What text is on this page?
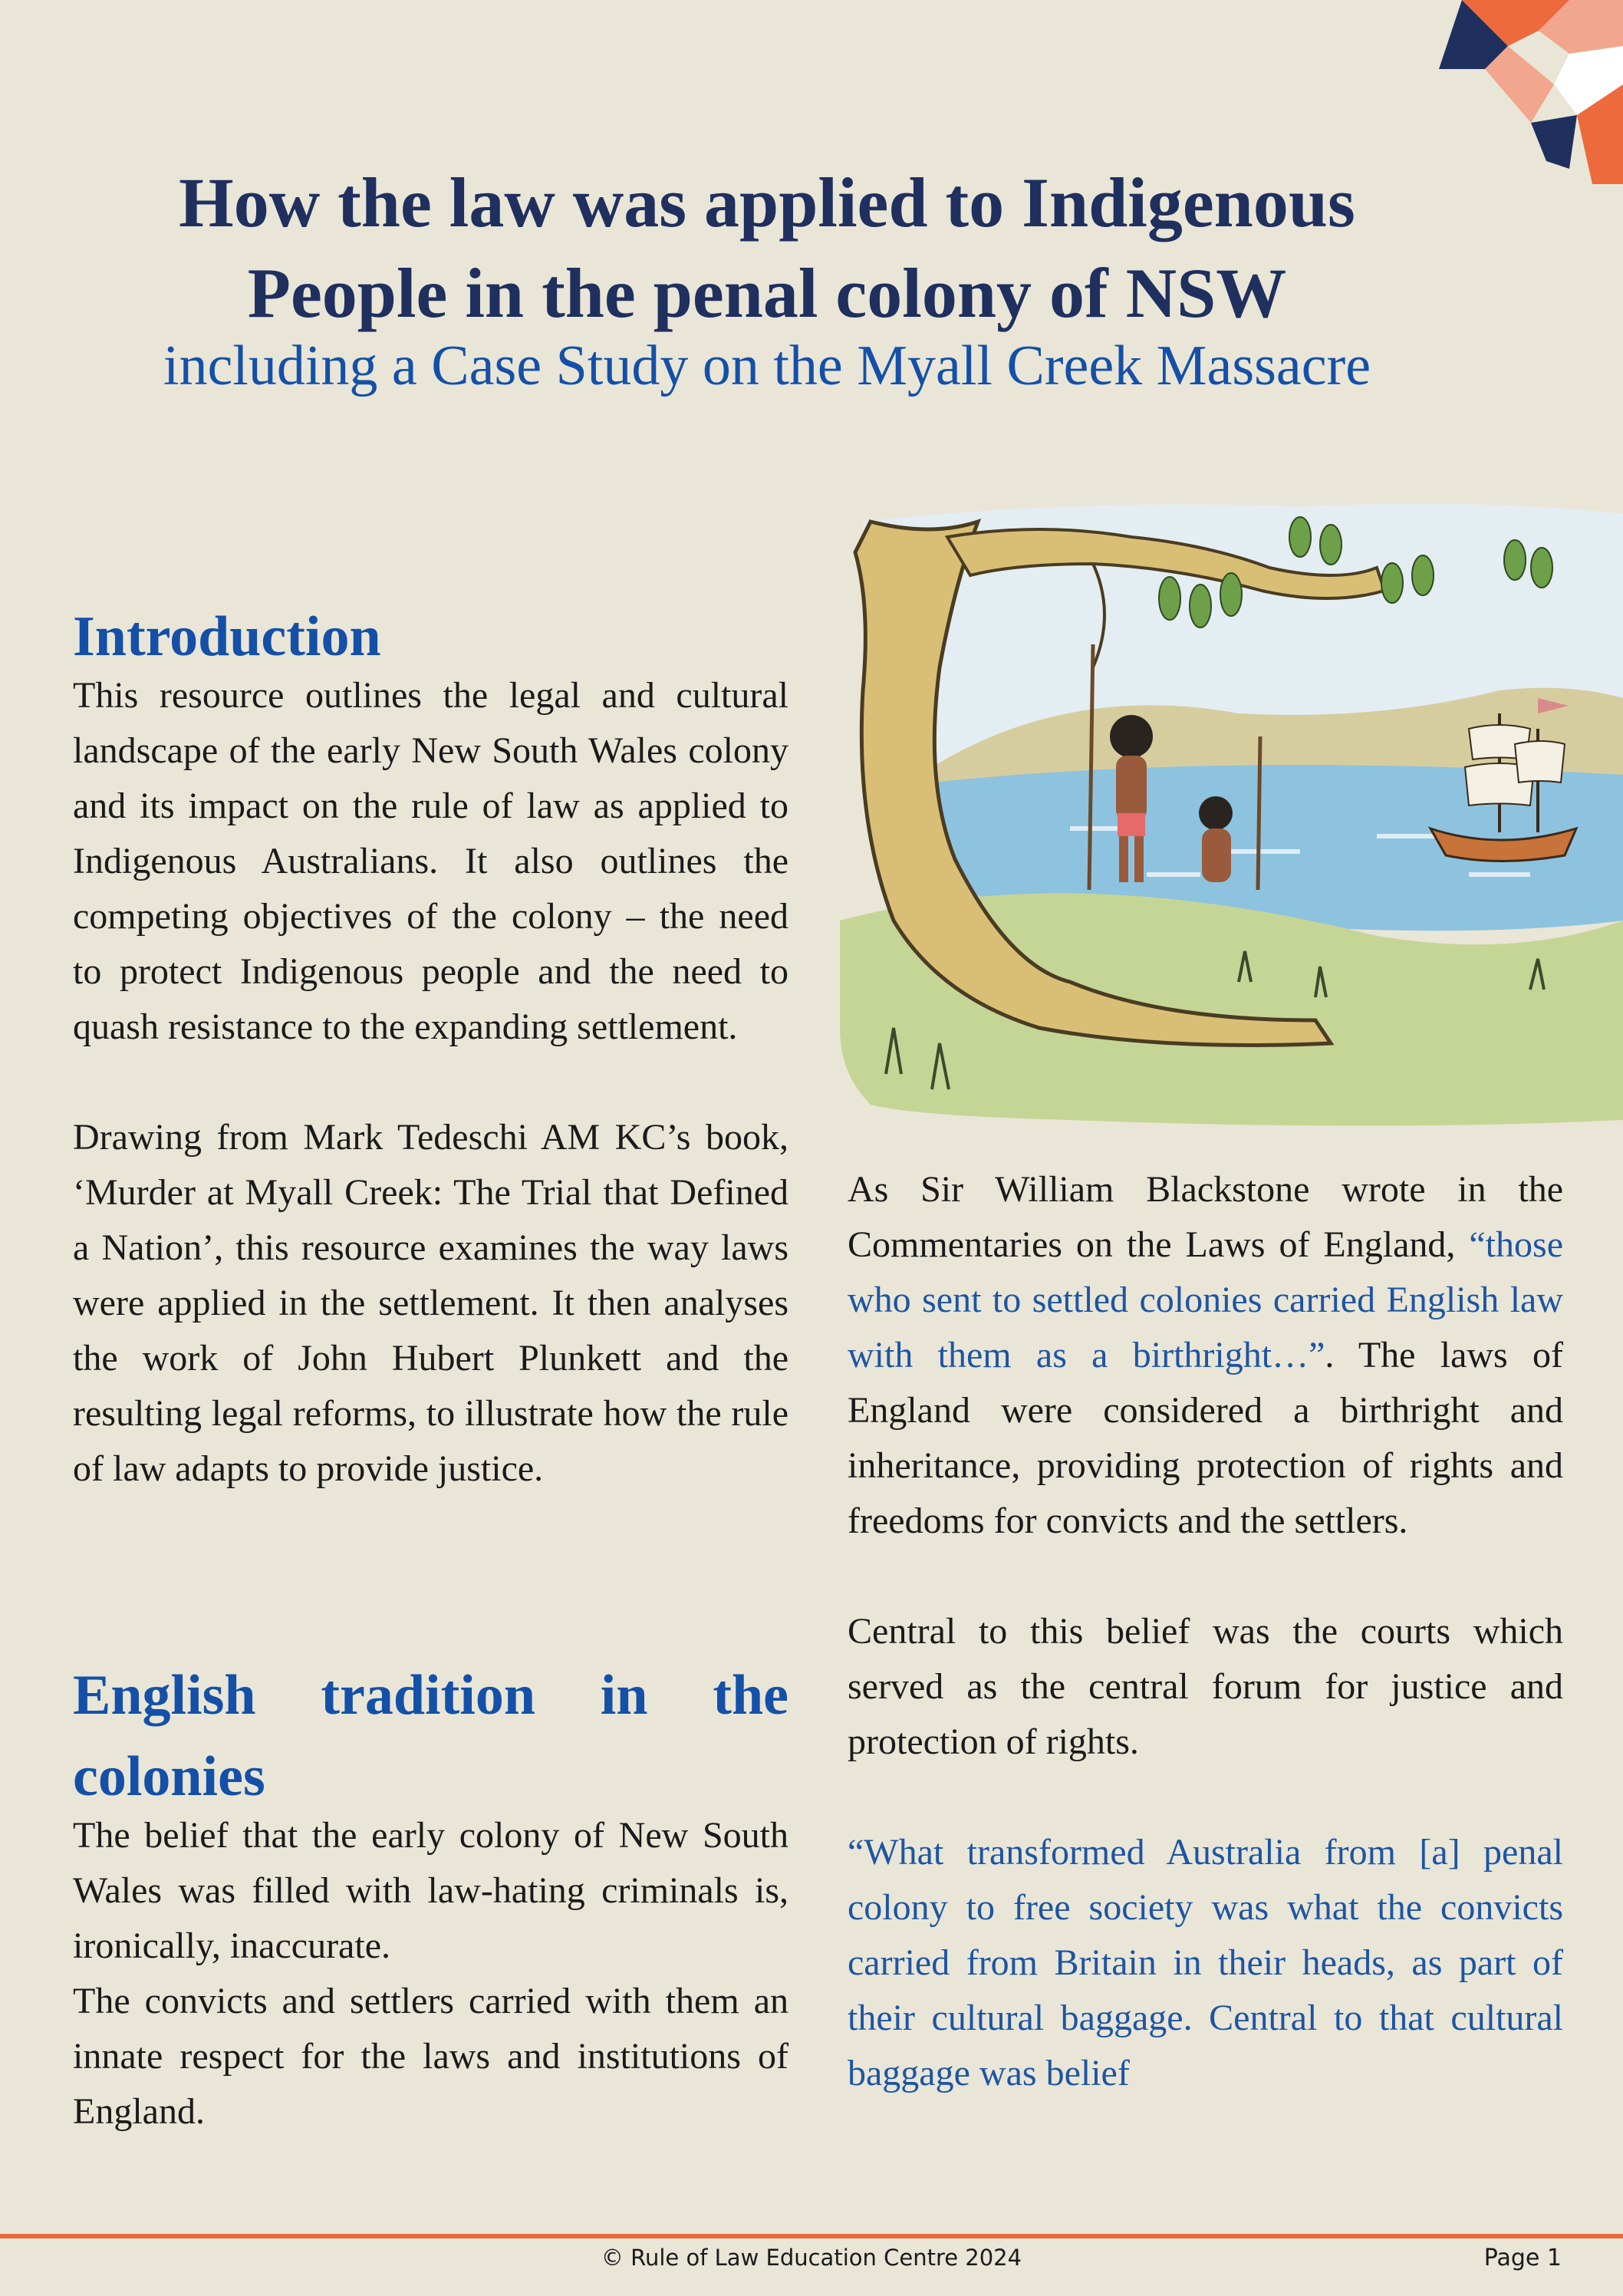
How the law was applied to Indigenous
People in the penal colony of NSW
including a Case Study on the Myall Creek Massacre
Introduction

This resource outlines the legal and cultural landscape of the early New South Wales colony and its impact on the rule of law as applied to Indigenous Australians. It also outlines the competing objectives of the colony – the need to protect Indigenous people and the need to quash resistance to the expanding settlement.

Drawing from Mark Tedeschi AM KC’s book, ‘Murder at Myall Creek: The Trial that Defined a Nation’, this resource examines the way laws were applied in the settlement. It then analyses the work of John Hubert Plunkett and the resulting legal reforms, to illustrate how the rule of law adapts to provide justice.

English tradition in the
colonies

The belief that the early colony of New South Wales was filled with law-hating criminals is, ironically, inaccurate.

The convicts and settlers carried with them an innate respect for the laws and institutions of England.

As Sir William Blackstone wrote in the Commentaries on the Laws of England, “those who sent to settled colonies carried English law with them as a birthright…”. The laws of England were considered a birthright and inheritance, providing protection of rights and freedoms for convicts and the settlers.

Central to this belief was the courts which served as the central forum for justice and protection of rights.

“What transformed Australia from [a] penal colony to free society was what the convicts carried from Britain in their heads, as part of their cultural baggage. Central to that cultural baggage was belief

© Rule of Law Education Centre 2024	Page 1
